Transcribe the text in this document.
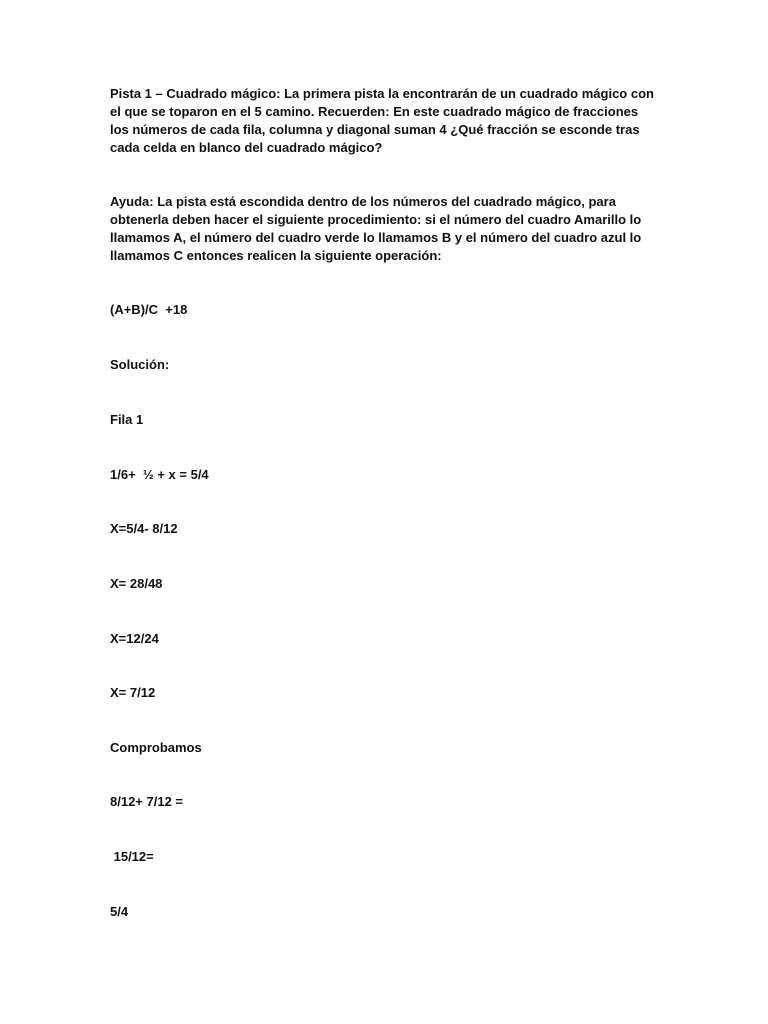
Pista 1 – Cuadrado mágico: La primera pista la encontrarán de un cuadrado mágico con el que se toparon en el 5 camino. Recuerden: En este cuadrado mágico de fracciones los números de cada fila, columna y diagonal suman 4 ¿Qué fracción se esconde tras cada celda en blanco del cuadrado mágico?

Ayuda: La pista está escondida dentro de los números del cuadrado mágico, para obtenerla deben hacer el siguiente procedimiento: si el número del cuadro Amarillo lo llamamos A, el número del cuadro verde lo llamamos B y el número del cuadro azul lo llamamos C entonces realicen la siguiente operación:

(A+B)/C  +18

Solución:

Fila 1

1/6+  ½ + x = 5/4

X=5/4- 8/12

X= 28/48

X=12/24

X= 7/12

Comprobamos

8/12+ 7/12 =

15/12=

5/4
